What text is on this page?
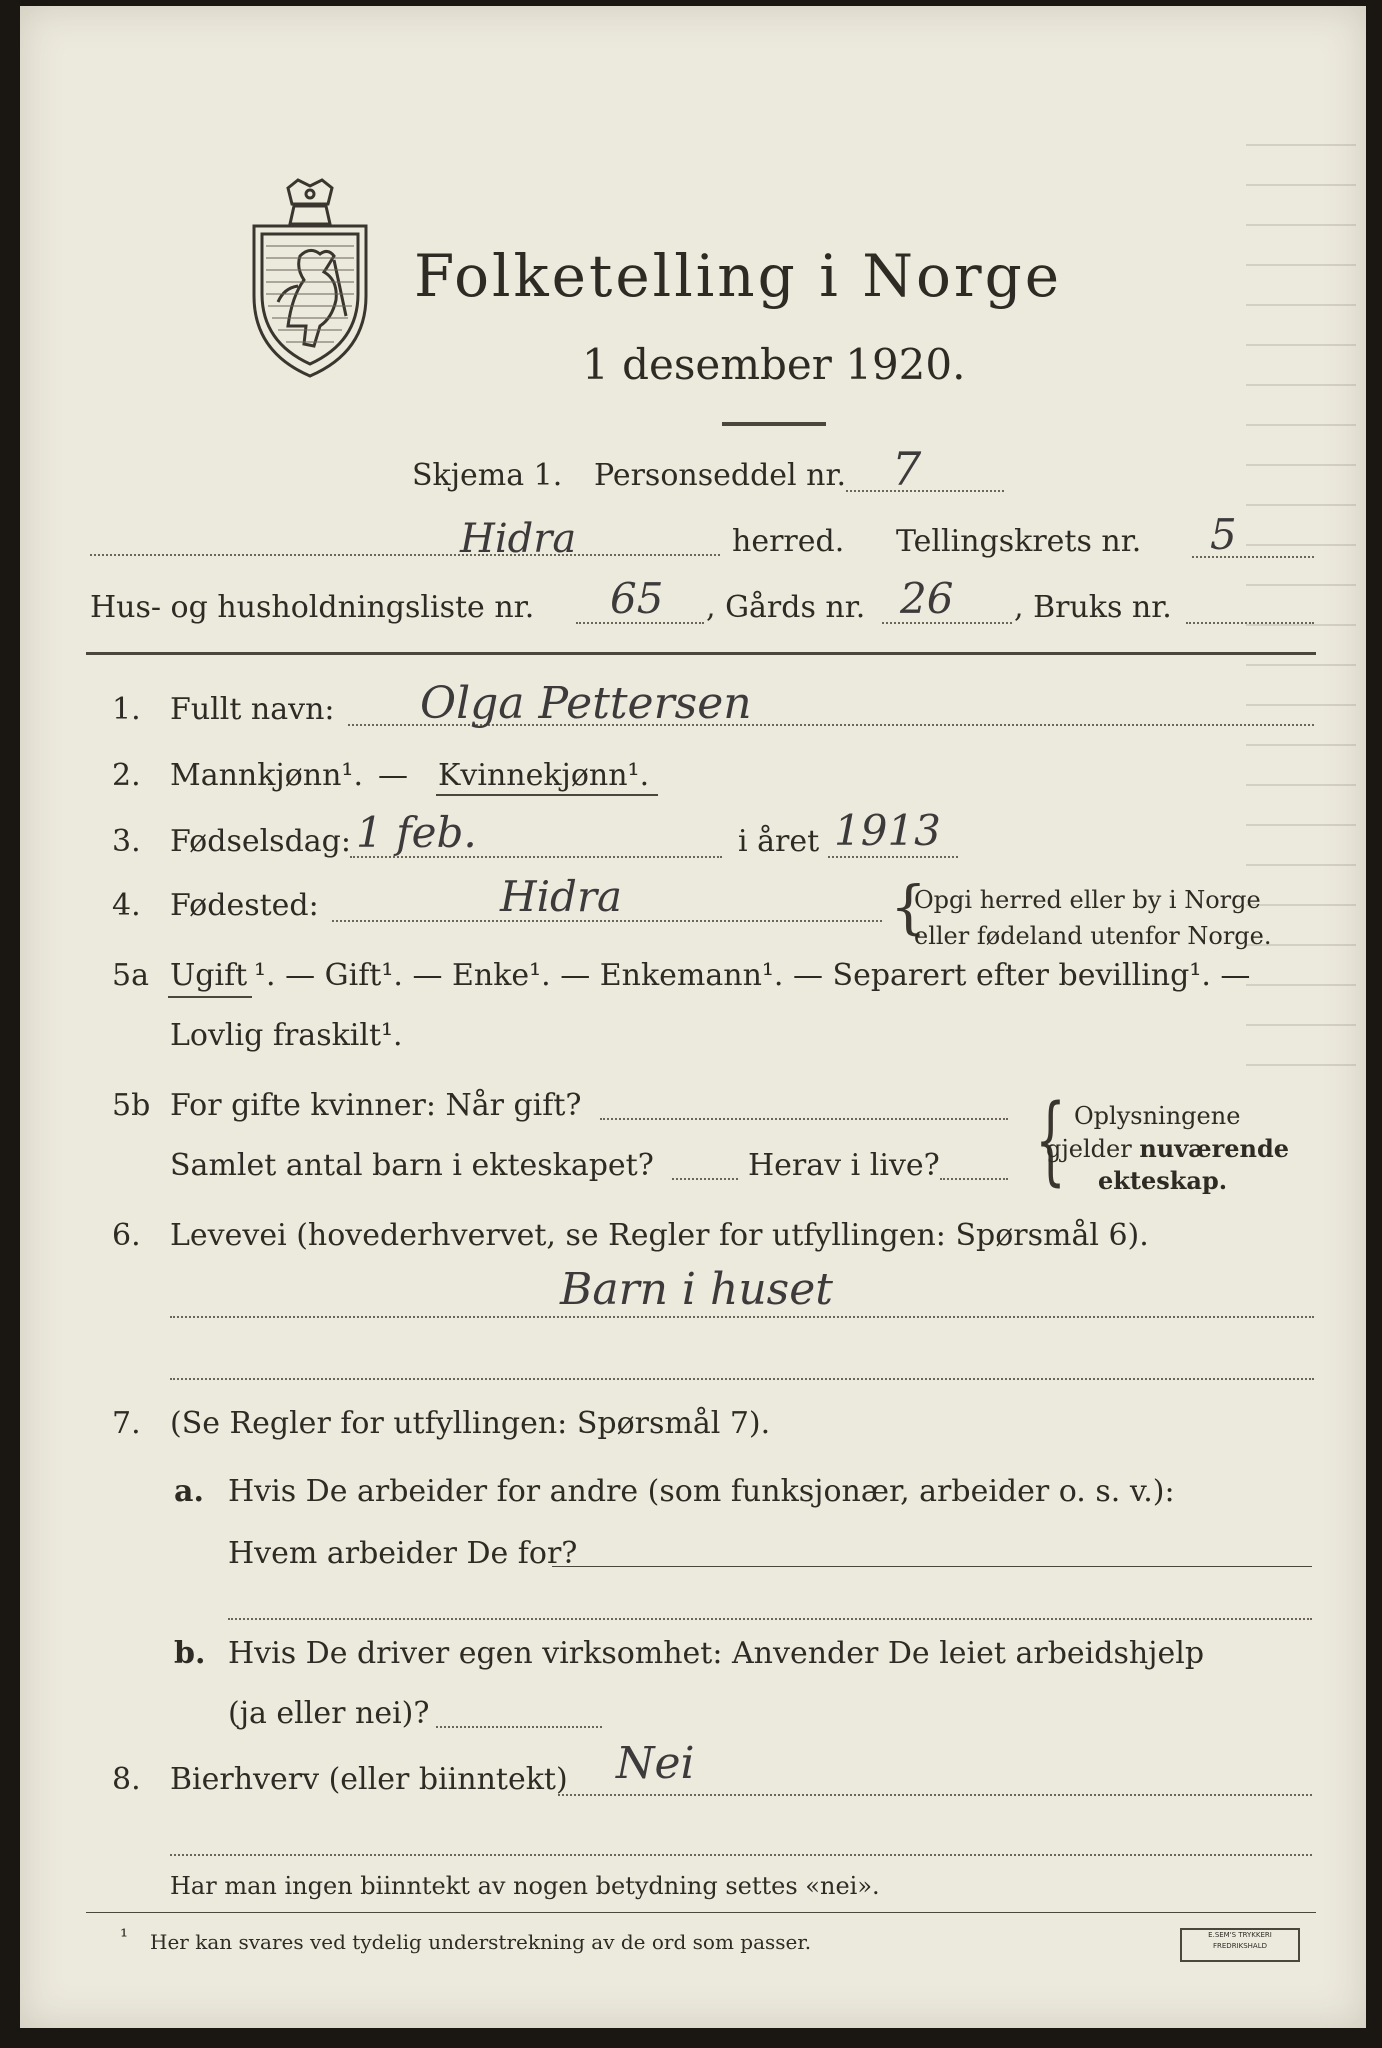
Folketelling i Norge
1 desember 1920.
Skjema 1. Personseddel nr. 7
Hidra	herred. Tellingskrets nr. 5
Hus- og husholdningsliste nr. 65 , Gårds nr. 26 , Bruks nr.
1. Fullt navn: Olga Pettersen
2. Mannkjønn¹. — Kvinnekjønn¹.
3. Fødselsdag: 1 feb.	i året 1913
4. Fødested:	Hidra	{
Opgi herred eller by i Norge
eller fødeland utenfor Norge.
5a Ugift ¹. — Gift¹. — Enke¹. — Enkemann¹. — Separert efter bevilling¹. —
Lovlig fraskilt¹.
5b For gifte kvinner: Når gift?
Samlet antal barn i ekteskapet?	Herav i live? { Oplysningene
gjelder nuværende
ekteskap.
6. Levevei (hovederhvervet, se Regler for utfyllingen: Spørsmål 6).
Barn i huset
7. (Se Regler for utfyllingen: Spørsmål 7).
a. Hvis De arbeider for andre (som funksjonær, arbeider o. s. v.):
Hvem arbeider De for?
b. Hvis De driver egen virksomhet: Anvender De leiet arbeidshjelp
(ja eller nei)?
8. Bierhverv (eller biinntekt) Nei
Har man ingen biinntekt av nogen betydning settes «nei».
¹ Her kan svares ved tydelig understrekning av de ord som passer.	E.SEM'S TRYKKERI
FREDRIKSHALD
